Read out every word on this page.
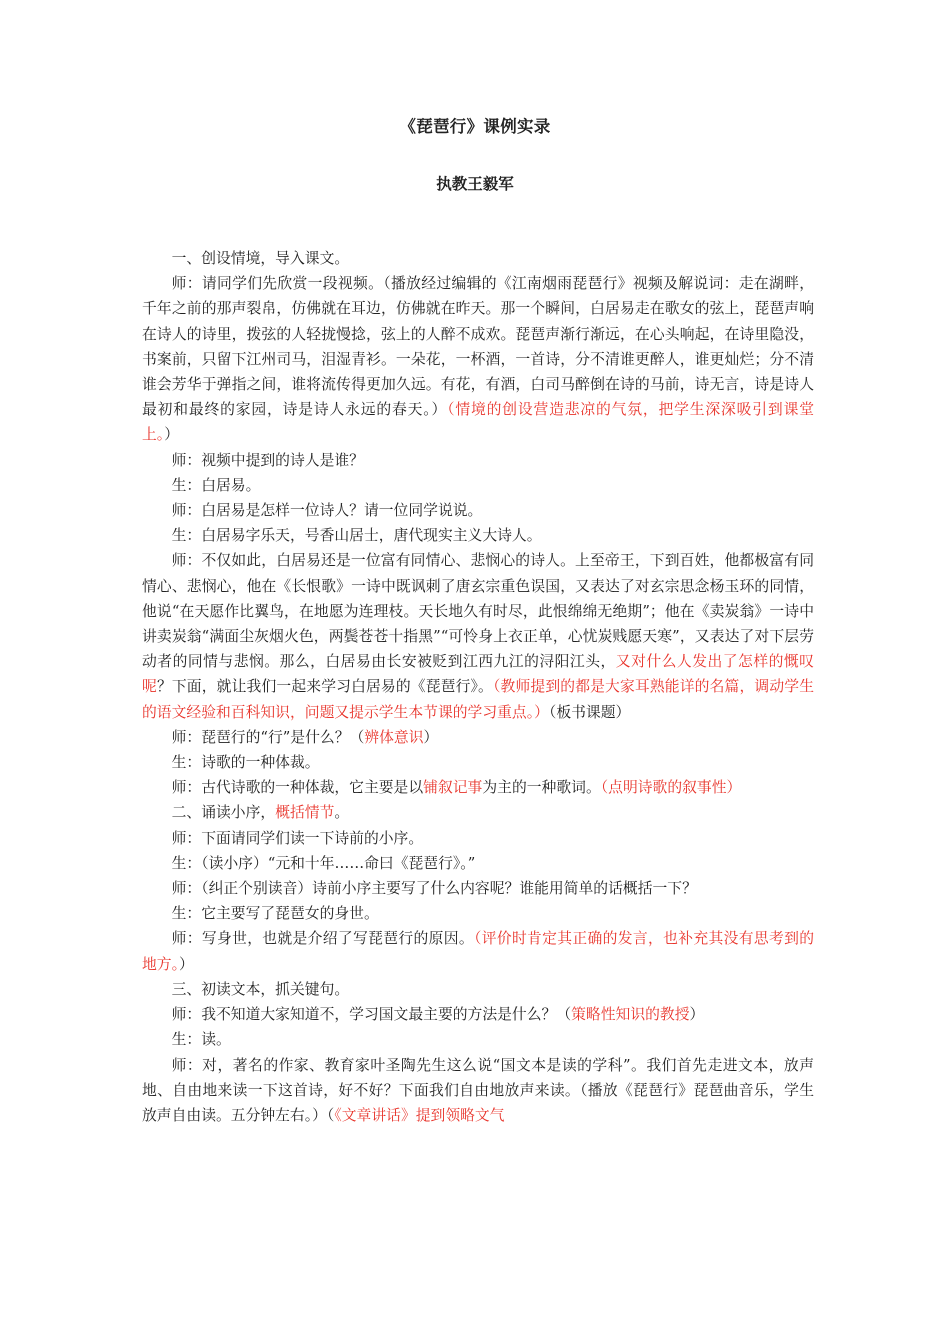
《琵琶行》课例实录
执教王毅军

一、创设情境，导入课文。

师：请同学们先欣赏一段视频。（播放经过编辑的《江南烟雨琵琶行》视频及解说词：走在湖畔，千年之前的那声裂帛，仿佛就在耳边，仿佛就在昨天。那一个瞬间，白居易走在歌女的弦上，琵琶声响在诗人的诗里，拨弦的人轻拢慢捻，弦上的人醉不成欢。琵琶声渐行渐远，在心头响起，在诗里隐没，书案前，只留下江州司马，泪湿青衫。一朵花，一杯酒，一首诗，分不清谁更醉人，谁更灿烂；分不清谁会芳华于弹指之间，谁将流传得更加久远。有花，有酒，白司马醉倒在诗的马前，诗无言，诗是诗人最初和最终的家园，诗是诗人永远的春天。）（情境的创设营造悲凉的气氛，把学生深深吸引到课堂上。）

师：视频中提到的诗人是谁？

生：白居易。

师：白居易是怎样一位诗人？请一位同学说说。

生：白居易字乐天，号香山居士，唐代现实主义大诗人。

师：不仅如此，白居易还是一位富有同情心、悲悯心的诗人。上至帝王，下到百姓，他都极富有同情心、悲悯心，他在《长恨歌》一诗中既讽刺了唐玄宗重色误国，又表达了对玄宗思念杨玉环的同情，他说“在天愿作比翼鸟，在地愿为连理枝。天长地久有时尽，此恨绵绵无绝期”；他在《卖炭翁》一诗中讲卖炭翁“满面尘灰烟火色，两鬓苍苍十指黑”“可怜身上衣正单，心忧炭贱愿天寒”，又表达了对下层劳动者的同情与悲悯。那么，白居易由长安被贬到江西九江的浔阳江头，又对什么人发出了怎样的慨叹呢？下面，就让我们一起来学习白居易的《琵琶行》。（教师提到的都是大家耳熟能详的名篇，调动学生的语文经验和百科知识，问题又提示学生本节课的学习重点。）（板书课题）

师：琵琶行的“行”是什么？（辨体意识）

生：诗歌的一种体裁。

师：古代诗歌的一种体裁，它主要是以铺叙记事为主的一种歌词。（点明诗歌的叙事性）

二、诵读小序，概括情节。

师：下面请同学们读一下诗前的小序。

生：（读小序）“元和十年……命曰《琵琶行》。”

师：（纠正个别读音）诗前小序主要写了什么内容呢？谁能用简单的话概括一下？

生：它主要写了琵琶女的身世。

师：写身世，也就是介绍了写琵琶行的原因。（评价时肯定其正确的发言，也补充其没有思考到的地方。）

三、初读文本，抓关键句。

师：我不知道大家知道不，学习国文最主要的方法是什么？（策略性知识的教授）

生：读。

师：对，著名的作家、教育家叶圣陶先生这么说“国文本是读的学科”。我们首先走进文本，放声地、自由地来读一下这首诗，好不好？下面我们自由地放声来读。（播放《琵琶行》琵琶曲音乐，学生放声自由读。五分钟左右。）（《文章讲话》提到领略文气
